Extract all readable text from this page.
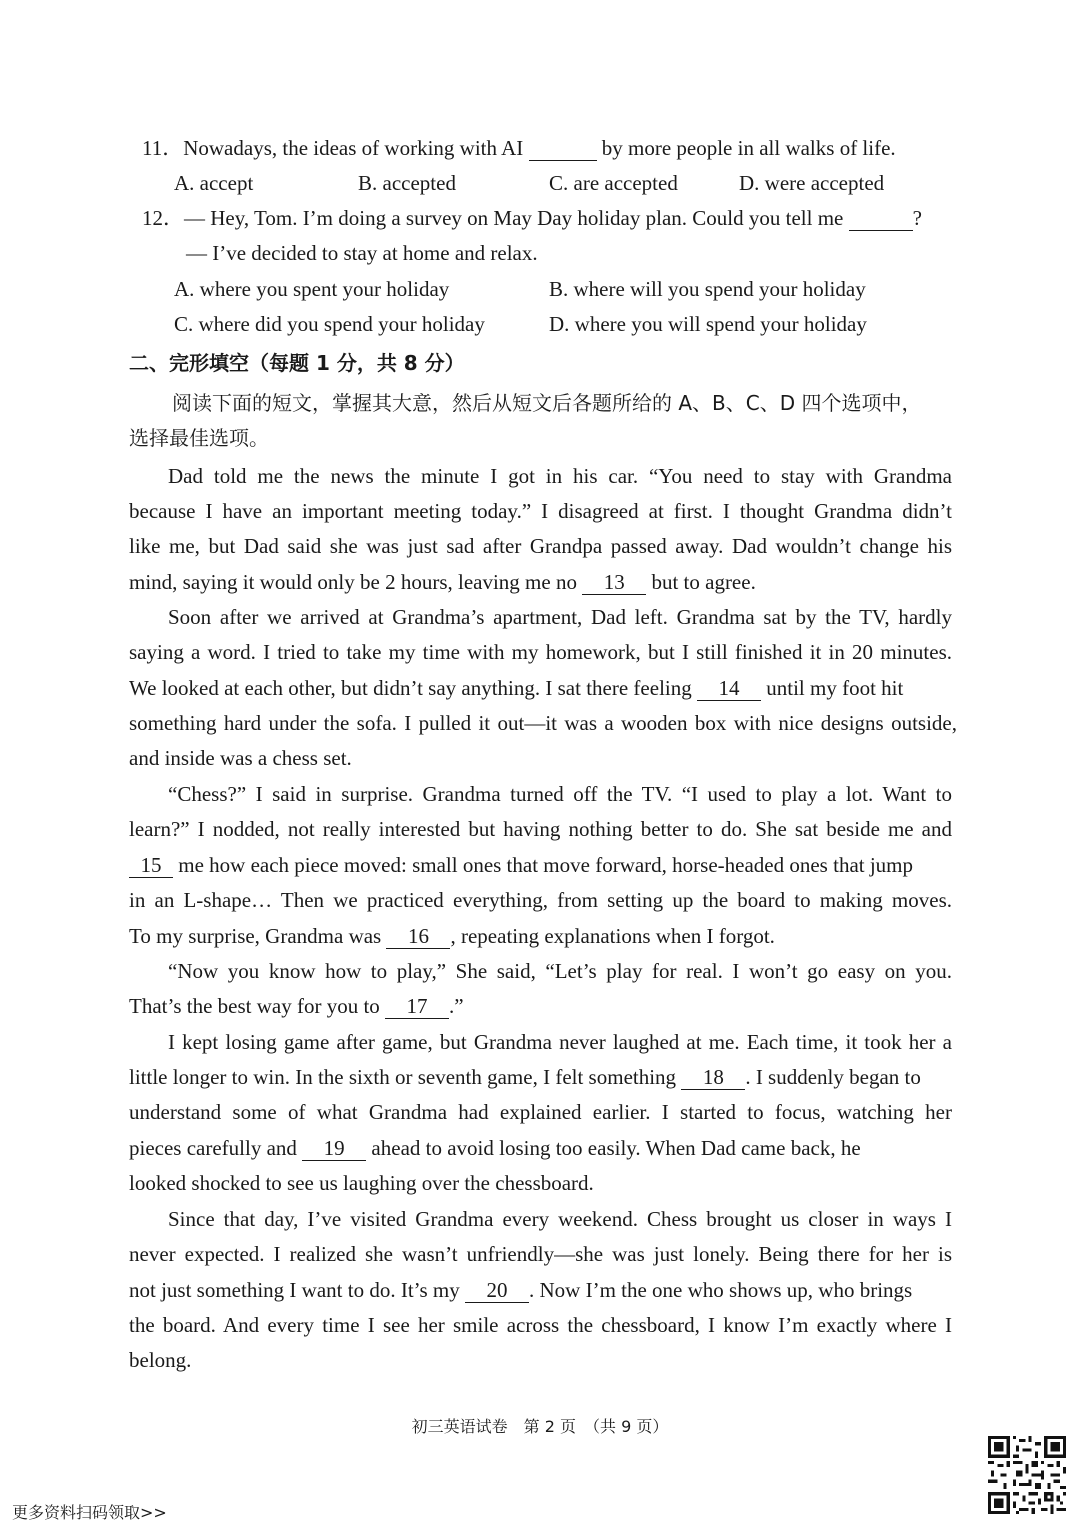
11．Nowadays, the ideas of working with AI	by more people in all walks of life.
A. accept	B. accepted	C. are accepted	D. were accepted
12．— Hey, Tom. I’m doing a survey on May Day holiday plan. Could you tell me	?
— I’ve decided to stay at home and relax.
A. where you spent your holiday	B. where will you spend your holiday
C. where did you spend your holiday	D. where you will spend your holiday
二、完形填空（每题 1 分，共 8 分）
阅读下面的短文，掌握其大意，然后从短文后各题所给的 A、B、C、D 四个选项中，
选择最佳选项。
Dad told me the news the minute I got in his car. “You need to stay with Grandma
because I have an important meeting today.” I disagreed at first. I thought Grandma didn’t
like me, but Dad said she was just sad after Grandpa passed away. Dad wouldn’t change his
mind, saying it would only be 2 hours, leaving me no 13 but to agree.
Soon after we arrived at Grandma’s apartment, Dad left. Grandma sat by the TV, hardly
saying a word. I tried to take my time with my homework, but I still finished it in 20 minutes.
We looked at each other, but didn’t say anything. I sat there feeling 14 until my foot hit
something hard under the sofa. I pulled it out—it was a wooden box with nice designs outside,
and inside was a chess set.
“Chess?” I said in surprise. Grandma turned off the TV. “I used to play a lot. Want to
learn?” I nodded, not really interested but having nothing better to do. She sat beside me and
15 me how each piece moved: small ones that move forward, horse-headed ones that jump
in an L-shape… Then we practiced everything, from setting up the board to making moves.
To my surprise, Grandma was 16 , repeating explanations when I forgot.
“Now you know how to play,” She said, “Let’s play for real. I won’t go easy on you.
That’s the best way for you to 17 .”
I kept losing game after game, but Grandma never laughed at me. Each time, it took her a
little longer to win. In the sixth or seventh game, I felt something 18 . I suddenly began to
understand some of what Grandma had explained earlier. I started to focus, watching her
pieces carefully and 19 ahead to avoid losing too easily. When Dad came back, he
looked shocked to see us laughing over the chessboard.
Since that day, I’ve visited Grandma every weekend. Chess brought us closer in ways I
never expected. I realized she wasn’t unfriendly—she was just lonely. Being there for her is
not just something I want to do. It’s my 20 . Now I’m the one who shows up, who brings
the board. And every time I see her smile across the chessboard, I know I’m exactly where I
belong.
初三英语试卷　第 2 页　（共 9 页）
更多资料扫码领取>>
